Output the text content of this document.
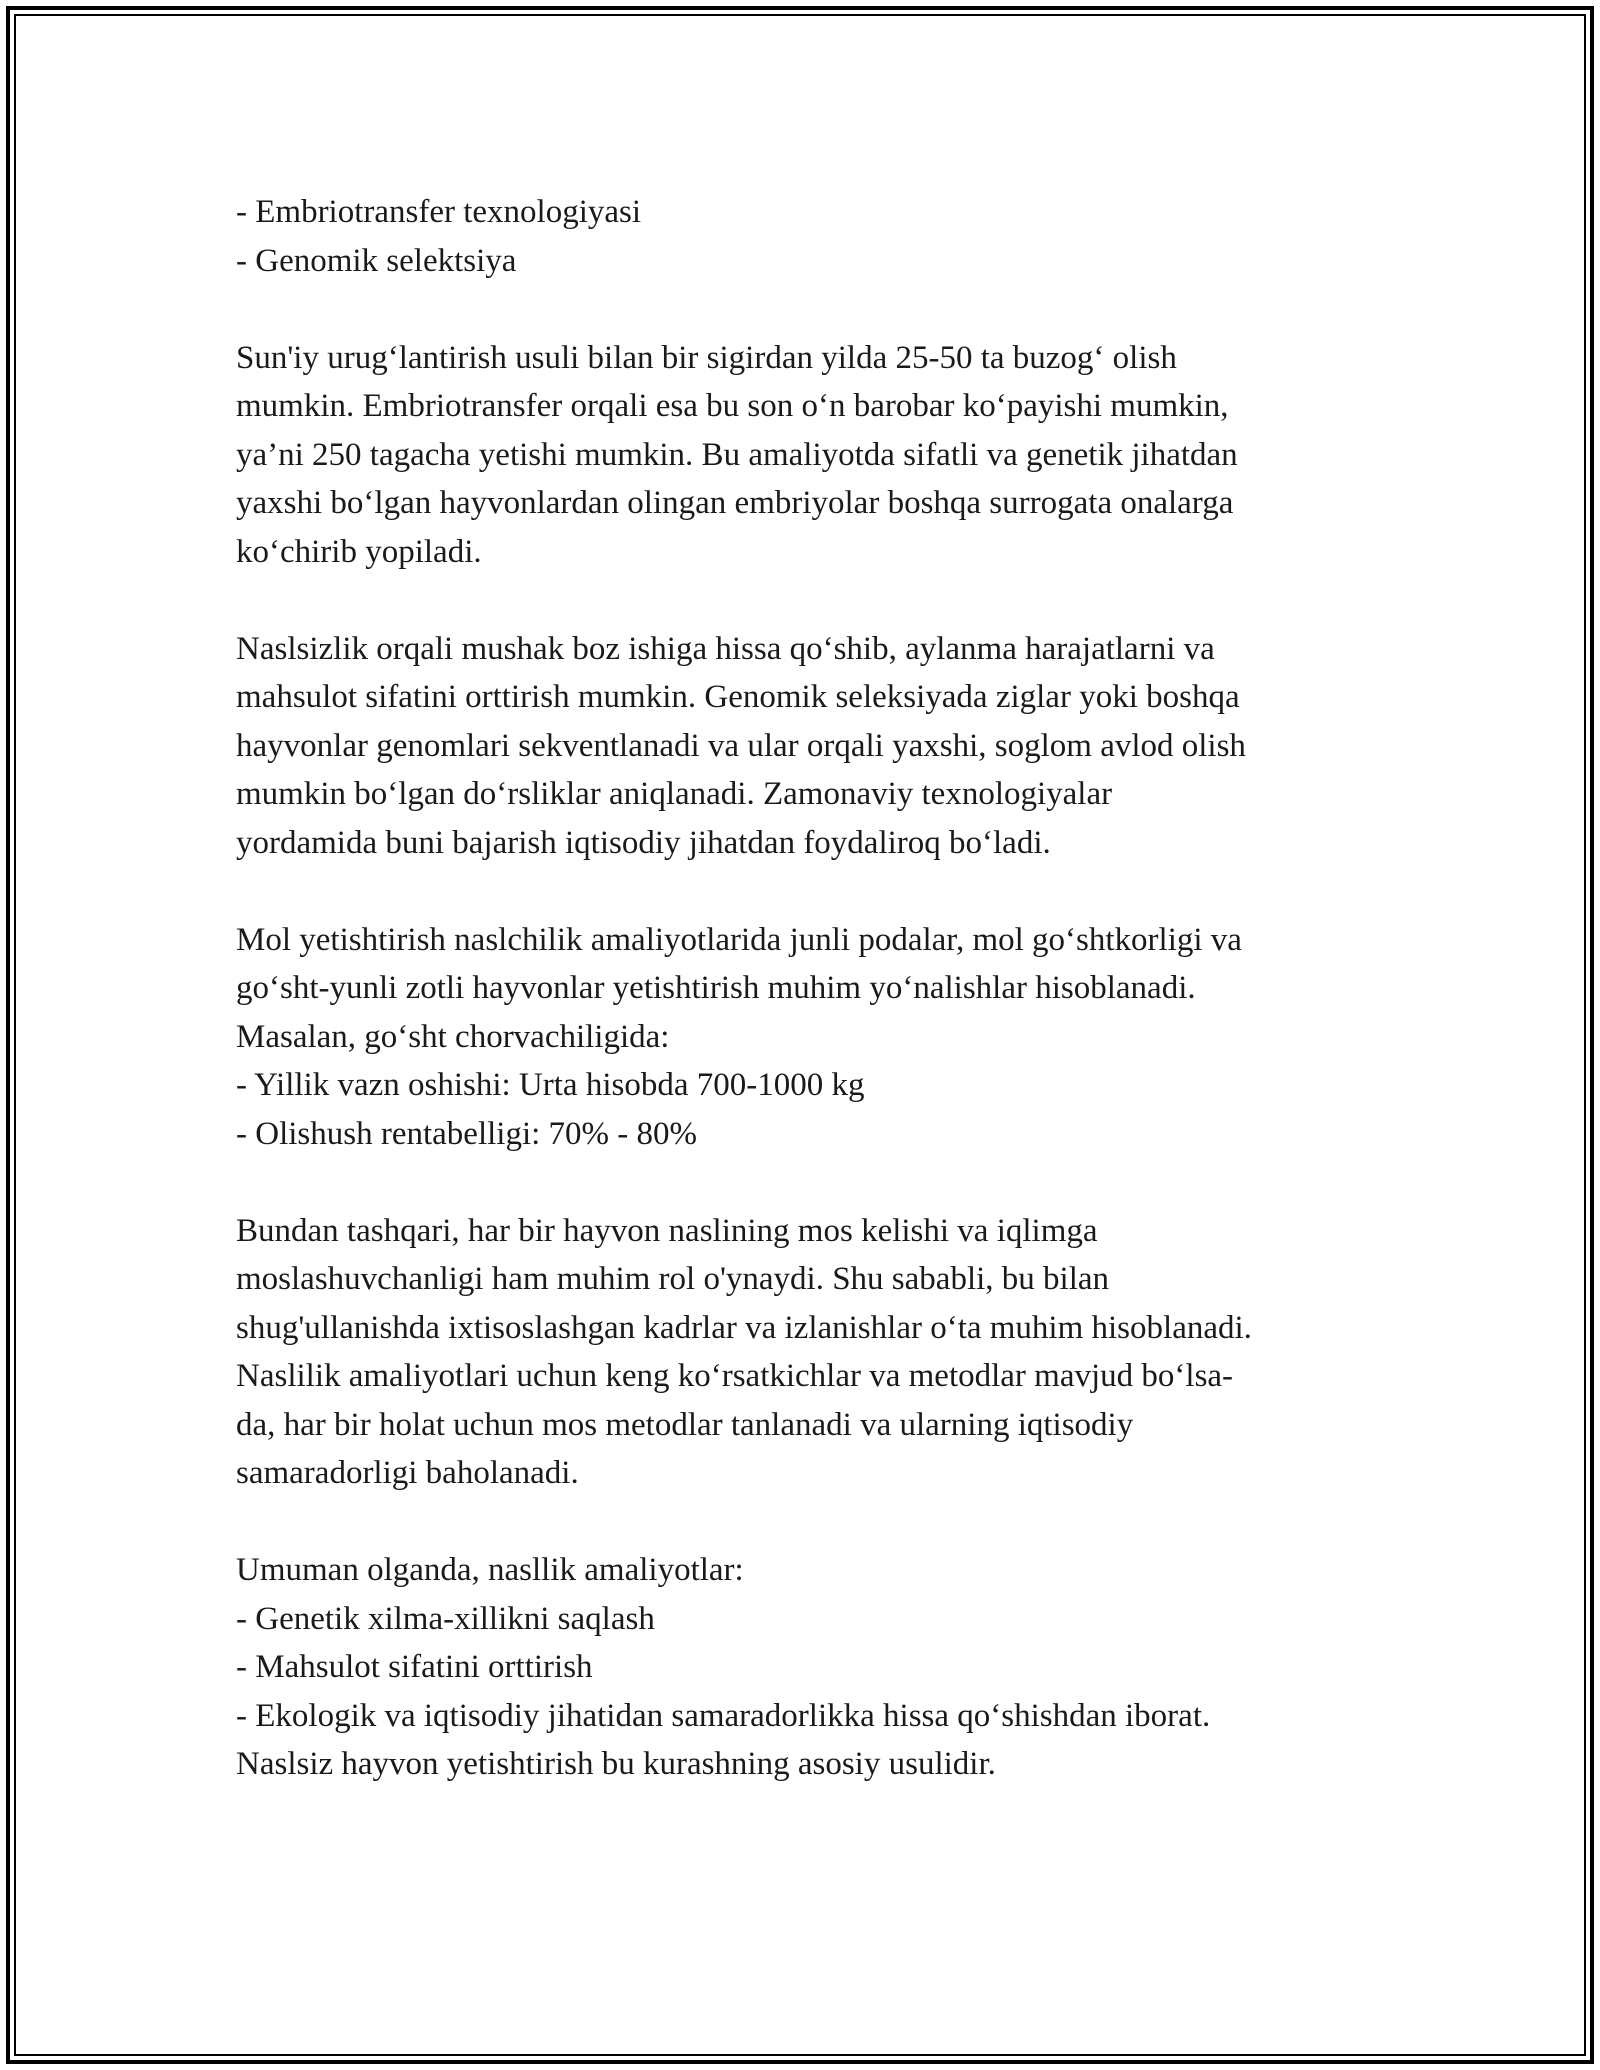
- Embriotransfer texnologiyasi
- Genomik selektsiya
Sun'iy urug‘lantirish usuli bilan bir sigirdan yilda 25-50 ta buzog‘ olish
mumkin. Embriotransfer orqali esa bu son o‘n barobar ko‘payishi mumkin,
ya’ni 250 tagacha yetishi mumkin. Bu amaliyotda sifatli va genetik jihatdan
yaxshi bo‘lgan hayvonlardan olingan embriyolar boshqa surrogata onalarga
ko‘chirib yopiladi.
Naslsizlik orqali mushak boz ishiga hissa qo‘shib, aylanma harajatlarni va
mahsulot sifatini orttirish mumkin. Genomik seleksiyada ziglar yoki boshqa
hayvonlar genomlari sekventlanadi va ular orqali yaxshi, soglom avlod olish
mumkin bo‘lgan do‘rsliklar aniqlanadi. Zamonaviy texnologiyalar
yordamida buni bajarish iqtisodiy jihatdan foydaliroq bo‘ladi.
Mol yetishtirish naslchilik amaliyotlarida junli podalar, mol go‘shtkorligi va
go‘sht-yunli zotli hayvonlar yetishtirish muhim yo‘nalishlar hisoblanadi.
Masalan, go‘sht chorvachiligida:
- Yillik vazn oshishi: Urta hisobda 700-1000 kg
- Olishush rentabelligi: 70% - 80%
Bundan tashqari, har bir hayvon naslining mos kelishi va iqlimga
moslashuvchanligi ham muhim rol o'ynaydi. Shu sababli, bu bilan
shug'ullanishda ixtisoslashgan kadrlar va izlanishlar o‘ta muhim hisoblanadi.
Naslilik amaliyotlari uchun keng ko‘rsatkichlar va metodlar mavjud bo‘lsa-
da, har bir holat uchun mos metodlar tanlanadi va ularning iqtisodiy
samaradorligi baholanadi.
Umuman olganda, nasllik amaliyotlar:
- Genetik xilma-xillikni saqlash
- Mahsulot sifatini orttirish
- Ekologik va iqtisodiy jihatidan samaradorlikka hissa qo‘shishdan iborat.
Naslsiz hayvon yetishtirish bu kurashning asosiy usulidir.
